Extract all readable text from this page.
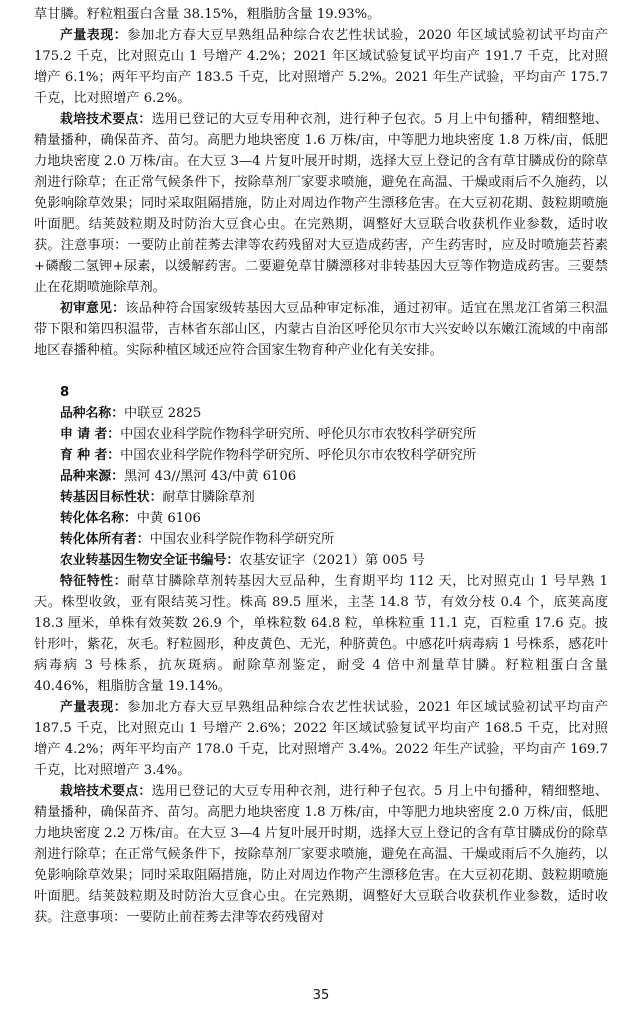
草甘膦。籽粒粗蛋白含量 38.15%，粗脂肪含量 19.93%。

产量表现：参加北方春大豆早熟组品种综合农艺性状试验，2020 年区域试验初试平均亩产 175.2 千克，比对照克山 1 号增产 4.2%；2021 年区域试验复试平均亩产 191.7 千克，比对照增产 6.1%；两年平均亩产 183.5 千克，比对照增产 5.2%。2021 年生产试验，平均亩产 175.7 千克，比对照增产 6.2%。

栽培技术要点：选用已登记的大豆专用种衣剂，进行种子包衣。5 月上中旬播种，精细整地、精量播种，确保苗齐、苗匀。高肥力地块密度 1.6 万株/亩，中等肥力地块密度 1.8 万株/亩，低肥力地块密度 2.0 万株/亩。在大豆 3—4 片复叶展开时期，选择大豆上登记的含有草甘膦成份的除草剂进行除草；在正常气候条件下，按除草剂厂家要求喷施，避免在高温、干燥或雨后不久施药，以免影响除草效果；同时采取阻隔措施，防止对周边作物产生漂移危害。在大豆初花期、鼓粒期喷施叶面肥。结荚鼓粒期及时防治大豆食心虫。在完熟期，调整好大豆联合收获机作业参数，适时收获。注意事项：一要防止前茬莠去津等农药残留对大豆造成药害，产生药害时，应及时喷施芸苔素+磷酸二氢钾+尿素，以缓解药害。二要避免草甘膦漂移对非转基因大豆等作物造成药害。三要禁止在花期喷施除草剂。

初审意见：该品种符合国家级转基因大豆品种审定标准，通过初审。适宜在黑龙江省第三积温带下限和第四积温带，吉林省东部山区，内蒙古自治区呼伦贝尔市大兴安岭以东嫩江流域的中南部地区春播种植。实际种植区域还应符合国家生物育种产业化有关安排。

8

品种名称：中联豆 2825

申 请 者：中国农业科学院作物科学研究所、呼伦贝尔市农牧科学研究所

育 种 者：中国农业科学院作物科学研究所、呼伦贝尔市农牧科学研究所

品种来源：黑河 43//黑河 43/中黄 6106

转基因目标性状：耐草甘膦除草剂

转化体名称：中黄 6106

转化体所有者：中国农业科学院作物科学研究所

农业转基因生物安全证书编号：农基安证字（2021）第 005 号

特征特性：耐草甘膦除草剂转基因大豆品种，生育期平均 112 天，比对照克山 1 号早熟 1 天。株型收敛，亚有限结荚习性。株高 89.5 厘米，主茎 14.8 节，有效分枝 0.4 个，底荚高度 18.3 厘米，单株有效荚数 26.9 个，单株粒数 64.8 粒，单株粒重 11.1 克，百粒重 17.6 克。披针形叶，紫花，灰毛。籽粒圆形，种皮黄色、无光，种脐黄色。中感花叶病毒病 1 号株系，感花叶病毒病 3 号株系，抗灰斑病。耐除草剂鉴定，耐受 4 倍中剂量草甘膦。籽粒粗蛋白含量 40.46%，粗脂肪含量 19.14%。

产量表现：参加北方春大豆早熟组品种综合农艺性状试验，2021 年区域试验初试平均亩产 187.5 千克，比对照克山 1 号增产 2.6%；2022 年区域试验复试平均亩产 168.5 千克，比对照增产 4.2%；两年平均亩产 178.0 千克，比对照增产 3.4%。2022 年生产试验，平均亩产 169.7 千克，比对照增产 3.4%。

栽培技术要点：选用已登记的大豆专用种衣剂，进行种子包衣。5 月上中旬播种，精细整地、精量播种，确保苗齐、苗匀。高肥力地块密度 1.8 万株/亩，中等肥力地块密度 2.0 万株/亩，低肥力地块密度 2.2 万株/亩。在大豆 3—4 片复叶展开时期，选择大豆上登记的含有草甘膦成份的除草剂进行除草；在正常气候条件下，按除草剂厂家要求喷施，避免在高温、干燥或雨后不久施药，以免影响除草效果；同时采取阻隔措施，防止对周边作物产生漂移危害。在大豆初花期、鼓粒期喷施叶面肥。结荚鼓粒期及时防治大豆食心虫。在完熟期，调整好大豆联合收获机作业参数，适时收获。注意事项：一要防止前茬莠去津等农药残留对

35
